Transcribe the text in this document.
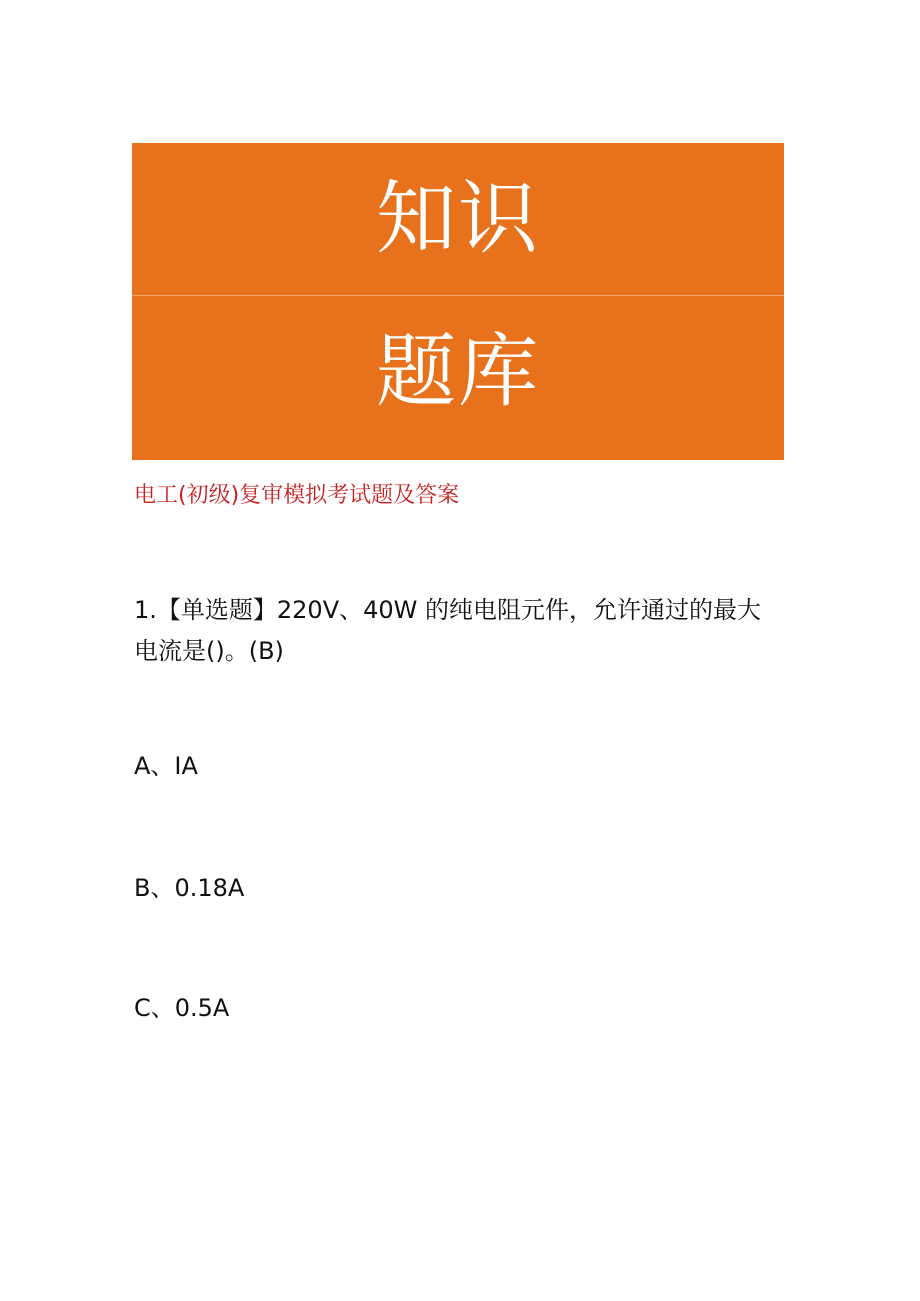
知识
题库
电工(初级)复审模拟考试题及答案
1.【单选题】220V、40W 的纯电阻元件，允许通过的最大
电流是()。(B)
A、IA
B、0.18A
C、0.5A
